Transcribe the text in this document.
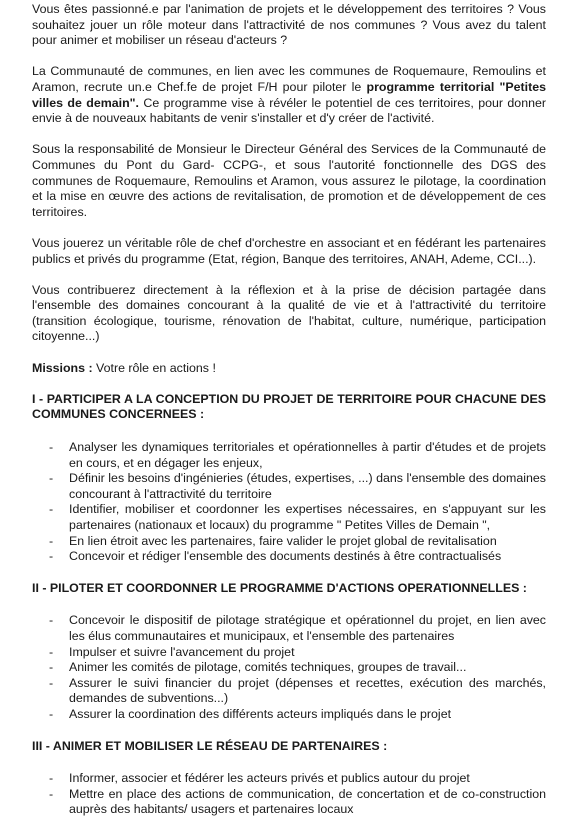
Vous êtes passionné.e par l'animation de projets et le développement des territoires ? Vous souhaitez jouer un rôle moteur dans l'attractivité de nos communes ? Vous avez du talent pour animer et mobiliser un réseau d'acteurs ?

La Communauté de communes, en lien avec les communes de Roquemaure, Remoulins et Aramon, recrute un.e Chef.fe de projet F/H pour piloter le programme territorial "Petites villes de demain". Ce programme vise à révéler le potentiel de ces territoires, pour donner envie à de nouveaux habitants de venir s'installer et d'y créer de l'activité.

Sous la responsabilité de Monsieur le Directeur Général des Services de la Communauté de Communes du Pont du Gard- CCPG-, et sous l'autorité fonctionnelle des DGS des communes de Roquemaure, Remoulins et Aramon, vous assurez le pilotage, la coordination et la mise en œuvre des actions de revitalisation, de promotion et de développement de ces territoires.

Vous jouerez un véritable rôle de chef d'orchestre en associant et en fédérant les partenaires publics et privés du programme (Etat, région, Banque des territoires, ANAH, Ademe, CCI...).

Vous contribuerez directement à la réflexion et à la prise de décision partagée dans l'ensemble des domaines concourant à la qualité de vie et à l'attractivité du territoire (transition écologique, tourisme, rénovation de l'habitat, culture, numérique, participation citoyenne...)

Missions : Votre rôle en actions !

I - PARTICIPER A LA CONCEPTION DU PROJET DE TERRITOIRE POUR CHACUNE DES COMMUNES CONCERNEES :

- Analyser les dynamiques territoriales et opérationnelles à partir d'études et de projets en cours, et en dégager les enjeux,
- Définir les besoins d'ingénieries (études, expertises, ...) dans l'ensemble des domaines concourant à l'attractivité du territoire
- Identifier, mobiliser et coordonner les expertises nécessaires, en s'appuyant sur les partenaires (nationaux et locaux) du programme " Petites Villes de Demain ",
- En lien étroit avec les partenaires, faire valider le projet global de revitalisation
- Concevoir et rédiger l'ensemble des documents destinés à être contractualisés

II - PILOTER ET COORDONNER LE PROGRAMME D'ACTIONS OPERATIONNELLES :

- Concevoir le dispositif de pilotage stratégique et opérationnel du projet, en lien avec les élus communautaires et municipaux, et l'ensemble des partenaires
- Impulser et suivre l'avancement du projet
- Animer les comités de pilotage, comités techniques, groupes de travail...
- Assurer le suivi financier du projet (dépenses et recettes, exécution des marchés, demandes de subventions...)
- Assurer la coordination des différents acteurs impliqués dans le projet

III - ANIMER ET MOBILISER LE RÉSEAU DE PARTENAIRES :

- Informer, associer et fédérer les acteurs privés et publics autour du projet
- Mettre en place des actions de communication, de concertation et de co-construction auprès des habitants/ usagers et partenaires locaux
